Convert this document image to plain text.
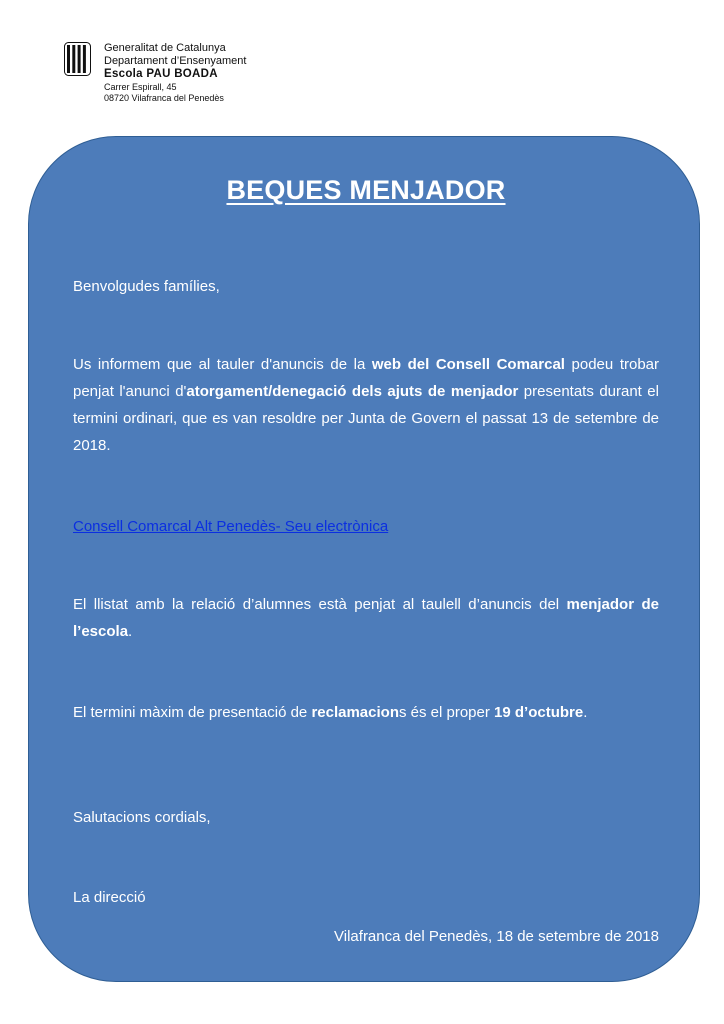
Generalitat de Catalunya
Departament d’Ensenyament
Escola PAU BOADA
Carrer Espirall, 45
08720 Vilafranca del Penedès
BEQUES MENJADOR

Benvolgudes famílies,

Us informem que al tauler d'anuncis de la web del Consell Comarcal podeu trobar penjat l'anunci d'atorgament/denegació dels ajuts de menjador presentats durant el termini ordinari, que es van resoldre per Junta de Govern el passat 13 de setembre de 2018.

Consell Comarcal Alt Penedès- Seu electrònica

El llistat amb la relació d’alumnes està penjat al taulell d’anuncis del menjador de l’escola.

El termini màxim de presentació de reclamacions és el proper 19 d’octubre.

Salutacions cordials,

La direcció

Vilafranca del Penedès, 18 de setembre de 2018
